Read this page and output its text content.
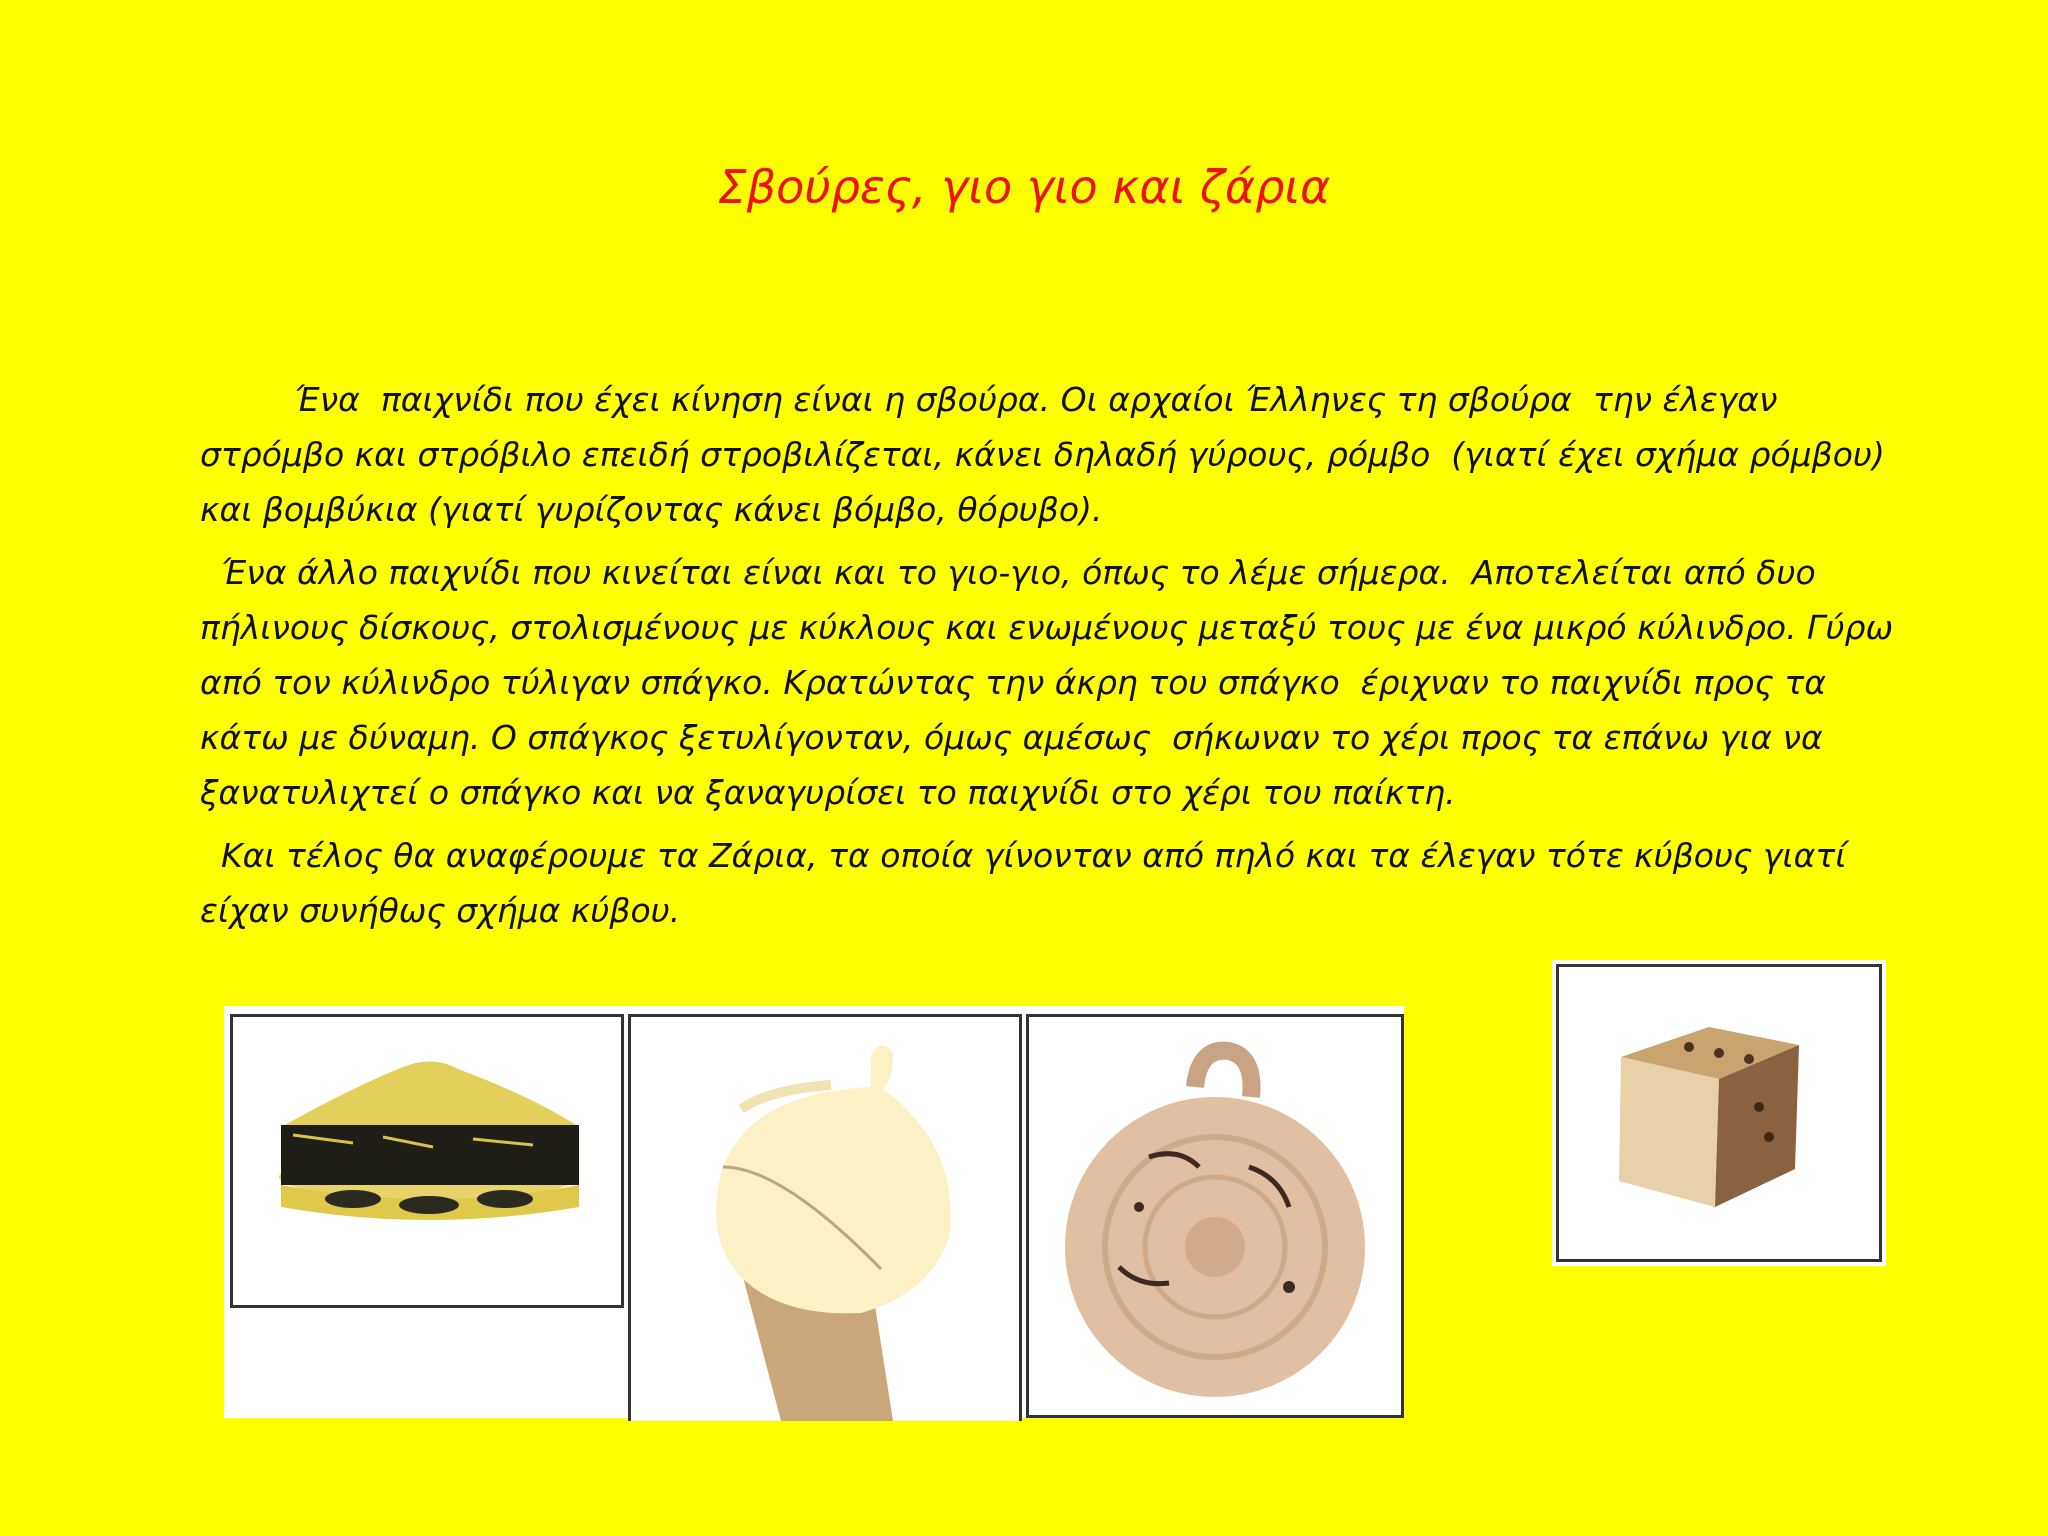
Σβούρες, γιο γιο και ζάρια

Ένα  παιχνίδι που έχει κίνηση είναι η σβούρα. Οι αρχαίοι Έλληνες τη σβούρα  την έλεγαν στρόμβο και στρόβιλο επειδή στροβιλίζεται, κάνει δηλαδή γύρους, ρόμβο  (γιατί έχει σχήμα ρόμβου) και βομβύκια (γιατί γυρίζοντας κάνει βόμβο, θόρυβο).

Ένα άλλο παιχνίδι που κινείται είναι και το γιο-γιο, όπως το λέμε σήμερα.  Αποτελείται από δυο πήλινους δίσκους, στολισμένους με κύκλους και ενωμένους μεταξύ τους με ένα μικρό κύλινδρο. Γύρω από τον κύλινδρο τύλιγαν σπάγκο. Κρατώντας την άκρη του σπάγκο  έριχναν το παιχνίδι προς τα κάτω με δύναμη. Ο σπάγκος ξετυλίγονταν, όμως αμέσως  σήκωναν το χέρι προς τα επάνω για να  ξανατυλιχτεί ο σπάγκο και να ξαναγυρίσει το παιχνίδι στο χέρι του παίκτη.

Και τέλος θα αναφέρουμε τα Ζάρια, τα οποία γίνονταν από πηλό και τα έλεγαν τότε κύβους γιατί είχαν συνήθως σχήμα κύβου.
